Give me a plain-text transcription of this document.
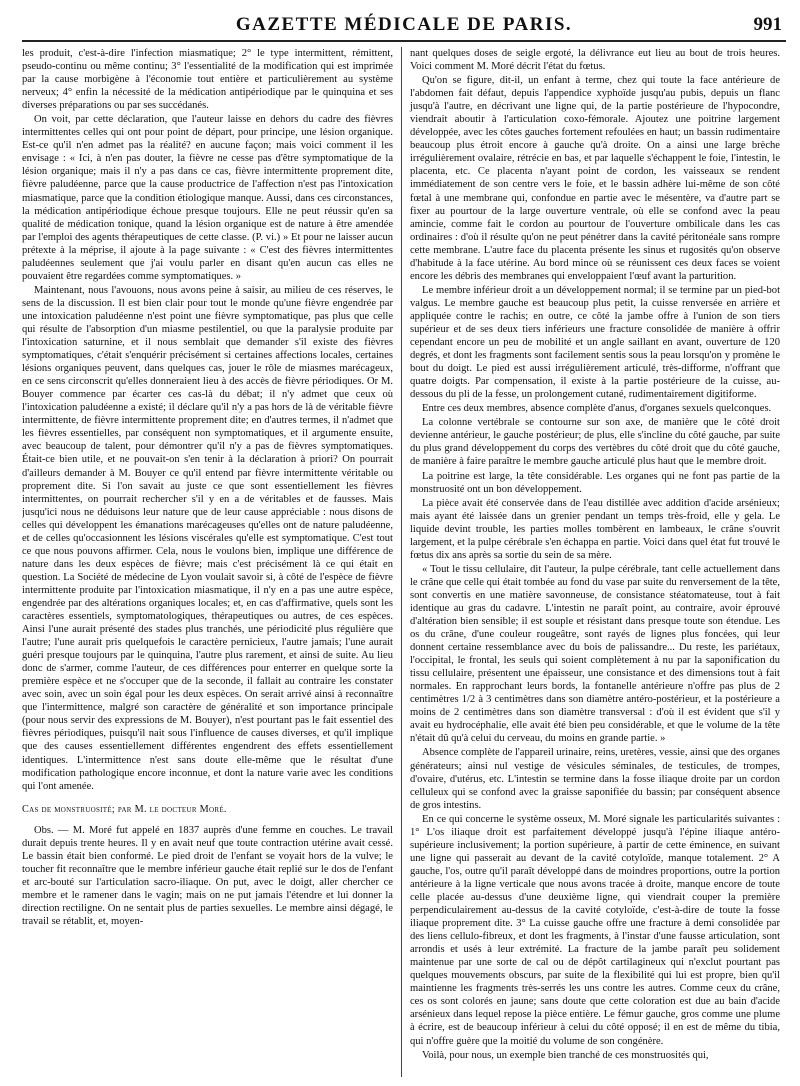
GAZETTE MÉDICALE DE PARIS.	991

les produit, c'est-à-dire l'infection miasmatique; 2° le type intermittent, rémittent, pseudo-continu ou même continu; 3° l'essentialité de la modification qui est imprimée par la cause morbigène à l'économie tout entière et particulièrement au système nerveux; 4° enfin la nécessité de la médication antipériodique par le quinquina et ses diverses préparations ou par ses succédanés.

On voit, par cette déclaration, que l'auteur laisse en dehors du cadre des fièvres intermittentes celles qui ont pour point de départ, pour principe, une lésion organique. Est-ce qu'il n'en admet pas la réalité? en aucune façon; mais voici comment il les envisage : « Ici, à n'en pas douter, la fièvre ne cesse pas d'être symptomatique de la lésion organique; mais il n'y a pas dans ce cas, fièvre intermittente proprement dite, fièvre paludéenne, parce que la cause productrice de l'affection n'est pas l'intoxication miasmatique, parce que la condition étiologique manque. Aussi, dans ces circonstances, la médication antipériodique échoue presque toujours. Elle ne peut réussir qu'en sa qualité de médication tonique, quand la lésion organique est de nature à être amendée par l'emploi des agents thérapeutiques de cette classe. (P. vi.) » Et pour ne laisser aucun prétexte à la méprise, il ajoute à la page suivante : « C'est des fièvres intermittentes paludéennes seulement que j'ai voulu parler en disant qu'en aucun cas elles ne pouvaient être regardées comme symptomatiques. »

Maintenant, nous l'avouons, nous avons peine à saisir, au milieu de ces réserves, le sens de la discussion. Il est bien clair pour tout le monde qu'une fièvre engendrée par une intoxication paludéenne n'est point une fièvre symptomatique, pas plus que celle qui résulte de l'absorption d'un miasme pestilentiel, ou que la paralysie produite par l'intoxication saturnine, et il nous semblait que demander s'il existe des fièvres symptomatiques, c'était s'enquérir précisément si certaines affections locales, certaines lésions organiques peuvent, dans quelques cas, jouer le rôle de miasmes marécageux, en ce sens circonscrit qu'elles donneraient lieu à des accès de fièvre périodiques. Or M. Bouyer commence par écarter ces cas-là du débat; il n'y admet que ceux où l'intoxication paludéenne a existé; il déclare qu'il n'y a pas hors de là de véritable fièvre intermittente, de fièvre intermittente proprement dite; en d'autres termes, il n'admet que les fièvres essentielles, par conséquent non symptomatiques, et il argumente ensuite, avec beaucoup de talent, pour démontrer qu'il n'y a pas de fièvres symptomatiques. Était-ce bien utile, et ne pouvait-on s'en tenir à la déclaration à priori? On pourrait d'ailleurs demander à M. Bouyer ce qu'il entend par fièvre intermittente véritable ou proprement dite. Si l'on savait au juste ce que sont essentiellement les fièvres intermittentes, on pourrait rechercher s'il y en a de véritables et de fausses. Mais jusqu'ici nous ne déduisons leur nature que de leur cause appréciable : nous disons de celles qui développent les émanations marécageuses qu'elles ont de nature paludéenne, et de celles qu'occasionnent les lésions viscérales qu'elle est symptomatique. C'est tout ce que nous pouvons affirmer. Cela, nous le voulons bien, implique une différence de nature dans les deux espèces de fièvre; mais c'est précisément là ce qui était en question. La Société de médecine de Lyon voulait savoir si, à côté de l'espèce de fièvre intermittente produite par l'intoxication miasmatique, il n'y en a pas une autre espèce, engendrée par des altérations organiques locales; et, en cas d'affirmative, quels sont les caractères essentiels, symptomatologiques, thérapeutiques ou autres, de ces espèces. Ainsi l'une aurait présenté des stades plus tranchés, une périodicité plus régulière que l'autre; l'une aurait pris quelquefois le caractère pernicieux, l'autre jamais; l'une aurait guéri presque toujours par le quinquina, l'autre plus rarement, et ainsi de suite. Au lieu donc de s'armer, comme l'auteur, de ces différences pour enterrer en quelque sorte la première espèce et ne s'occuper que de la seconde, il fallait au contraire les constater avec soin, avec un soin égal pour les deux espèces. On serait arrivé ainsi à reconnaître que l'intermittence, malgré son caractère de généralité et son importance principale (pour nous servir des expressions de M. Bouyer), n'est pourtant pas le fait essentiel des fièvres périodiques, puisqu'il nait sous l'influence de causes diverses, et qu'il implique que des causes essentiellement différentes engendrent des effets essentiellement identiques. L'intermittence n'est sans doute elle-même que le résultat d'une modification pathologique encore inconnue, et dont la nature varie avec les conditions qui l'ont amenée.

Cas de monstruosité; par M. le docteur Moré.

Obs. — M. Moré fut appelé en 1837 auprès d'une femme en couches. Le travail durait depuis trente heures. Il y en avait neuf que toute contraction utérine avait cessé. Le bassin était bien conformé. Le pied droit de l'enfant se voyait hors de la vulve; le toucher fit reconnaître que le membre inférieur gauche était replié sur le dos de l'enfant et arc-bouté sur l'articulation sacro-iliaque. On put, avec le doigt, aller chercher ce membre et le ramener dans le vagin; mais on ne put jamais l'étendre et lui donner la direction rectiligne. On ne sentait plus de parties sexuelles. Le membre ainsi dégagé, le travail se rétablit, et, moyen-

nant quelques doses de seigle ergoté, la délivrance eut lieu au bout de trois heures. Voici comment M. Moré décrit l'état du fœtus.

Qu'on se figure, dit-il, un enfant à terme, chez qui toute la face antérieure de l'abdomen fait défaut, depuis l'appendice xyphoïde jusqu'au pubis, depuis un flanc jusqu'à l'autre, en décrivant une ligne qui, de la partie postérieure de l'hypocondre, viendrait aboutir à l'articulation coxo-fémorale. Ajoutez une poitrine largement développée, avec les côtes gauches fortement refoulées en haut; un bassin rudimentaire beaucoup plus étroit encore à gauche qu'à droite. On a ainsi une large brèche irrégulièrement ovalaire, rétrécie en bas, et par laquelle s'échappent le foie, l'intestin, le placenta, etc. Ce placenta n'ayant point de cordon, les vaisseaux se rendent immédiatement de son centre vers le foie, et le bassin adhère lui-même de son côté fœtal à une membrane qui, confondue en partie avec le mésentère, va d'autre part se fixer au pourtour de la large ouverture ventrale, où elle se confond avec la peau amincie, comme fait le cordon au pourtour de l'ouverture ombilicale dans les cas ordinaires : d'où il résulte qu'on ne peut pénétrer dans la cavité péritonéale sans rompre cette membrane. L'autre face du placenta présente les sinus et rugosités qu'on observe d'habitude à la face utérine. Au bord mince où se réunissent ces deux faces se voient encore les débris des membranes qui enveloppaient l'œuf avant la parturition.

Le membre inférieur droit a un développement normal; il se termine par un pied-bot valgus. Le membre gauche est beaucoup plus petit, la cuisse renversée en arrière et appliquée contre le rachis; en outre, ce côté la jambe offre à l'union de son tiers supérieur et de ses deux tiers inférieurs une fracture consolidée de manière à offrir cependant encore un peu de mobilité et un angle saillant en avant, ouverture de 120 degrés, et dont les fragments sont facilement sentis sous la peau lorsqu'on y promène le bout du doigt. Le pied est aussi irrégulièrement articulé, très-difforme, n'offrant que quatre doigts. Par compensation, il existe à la partie postérieure de la cuisse, au-dessous du pli de la fesse, un prolongement cutané, rudimentairement digitiforme.

Entre ces deux membres, absence complète d'anus, d'organes sexuels quelconques.

La colonne vertébrale se contourne sur son axe, de manière que le côté droit devienne antérieur, le gauche postérieur; de plus, elle s'incline du côté gauche, par suite du plus grand développement du corps des vertèbres du côté droit que du côté gauche, de manière à faire paraître le membre gauche articulé plus haut que le membre droit.

La poitrine est large, la tête considérable. Les organes qui ne font pas partie de la monstruosité ont un bon développement.

La pièce avait été conservée dans de l'eau distillée avec addition d'acide arsénieux; mais ayant été laissée dans un grenier pendant un temps très-froid, elle y gela. Le liquide devint trouble, les parties molles tombèrent en lambeaux, le crâne s'ouvrit largement, et la pulpe cérébrale s'en échappa en partie. Voici dans quel état fut trouvé le fœtus dix ans après sa sortie du sein de sa mère.

« Tout le tissu cellulaire, dit l'auteur, la pulpe cérébrale, tant celle actuellement dans le crâne que celle qui était tombée au fond du vase par suite du renversement de la tête, sont convertis en une matière savonneuse, de consistance stéatomateuse, tout à fait identique au gras du cadavre. L'intestin ne paraît point, au contraire, avoir éprouvé d'altération bien sensible; il est souple et résistant dans presque toute son étendue. Les os du crâne, d'une couleur rougeâtre, sont rayés de lignes plus foncées, qui leur donnent certaine ressemblance avec du bois de palissandre... Du reste, les pariétaux, l'occipital, le frontal, les seuls qui soient complètement à nu par la saponification du tissu cellulaire, présentent une épaisseur, une consistance et des dimensions tout à fait normales. En rapprochant leurs bords, la fontanelle antérieure n'offre pas plus de 2 centimètres 1/2 à 3 centimètres dans son diamètre antéro-postérieur, et la postérieure a moins de 2 centimètres dans son diamètre transversal : d'où il est évident que s'il y avait eu hydrocéphalie, elle avait été bien peu considérable, et que le volume de la tête n'était dû qu'à celui du cerveau, du moins en grande partie. »

Absence complète de l'appareil urinaire, reins, uretères, vessie, ainsi que des organes générateurs; ainsi nul vestige de vésicules séminales, de testicules, de trompes, d'ovaire, d'utérus, etc. L'intestin se termine dans la fosse iliaque droite par un cordon celluleux qui se confond avec la graisse saponifiée du bassin; par conséquent absence de gros intestins.

En ce qui concerne le système osseux, M. Moré signale les particularités suivantes : 1° L'os iliaque droit est parfaitement développé jusqu'à l'épine iliaque antéro-supérieure inclusivement; la portion supérieure, à partir de cette éminence, en suivant une ligne qui passerait au devant de la cavité cotyloïde, manque totalement. 2° A gauche, l'os, outre qu'il paraît développé dans de moindres proportions, outre la portion antérieure à la ligne verticale que nous avons tracée à droite, manque encore de toute celle placée au-dessus d'une deuxième ligne, qui viendrait couper la première perpendiculairement au-dessus de la cavité cotyloïde, c'est-à-dire de toute la fosse iliaque proprement dite. 3° La cuisse gauche offre une fracture à demi consolidée par des liens cellulo-fibreux, et dont les fragments, à l'instar d'une fausse articulation, sont arrondis et usés à leur extrémité. La fracture de la jambe paraît peu solidement maintenue par une sorte de cal ou de dépôt cartilagineux qui n'exclut pourtant pas quelques mouvements obscurs, par suite de la flexibilité qui lui est propre, bien qu'il maintienne les fragments très-serrés les uns contre les autres. Comme ceux du crâne, ces os sont colorés en jaune; sans doute que cette coloration est due au bain d'acide arsénieux dans lequel repose la pièce entière. Le fémur gauche, gros comme une plume à écrire, est de beaucoup inférieur à celui du côté opposé; il en est de même du tibia, qui n'offre guère que la moitié du volume de son congénère.

Voilà, pour nous, un exemple bien tranché de ces monstruosités qui,
